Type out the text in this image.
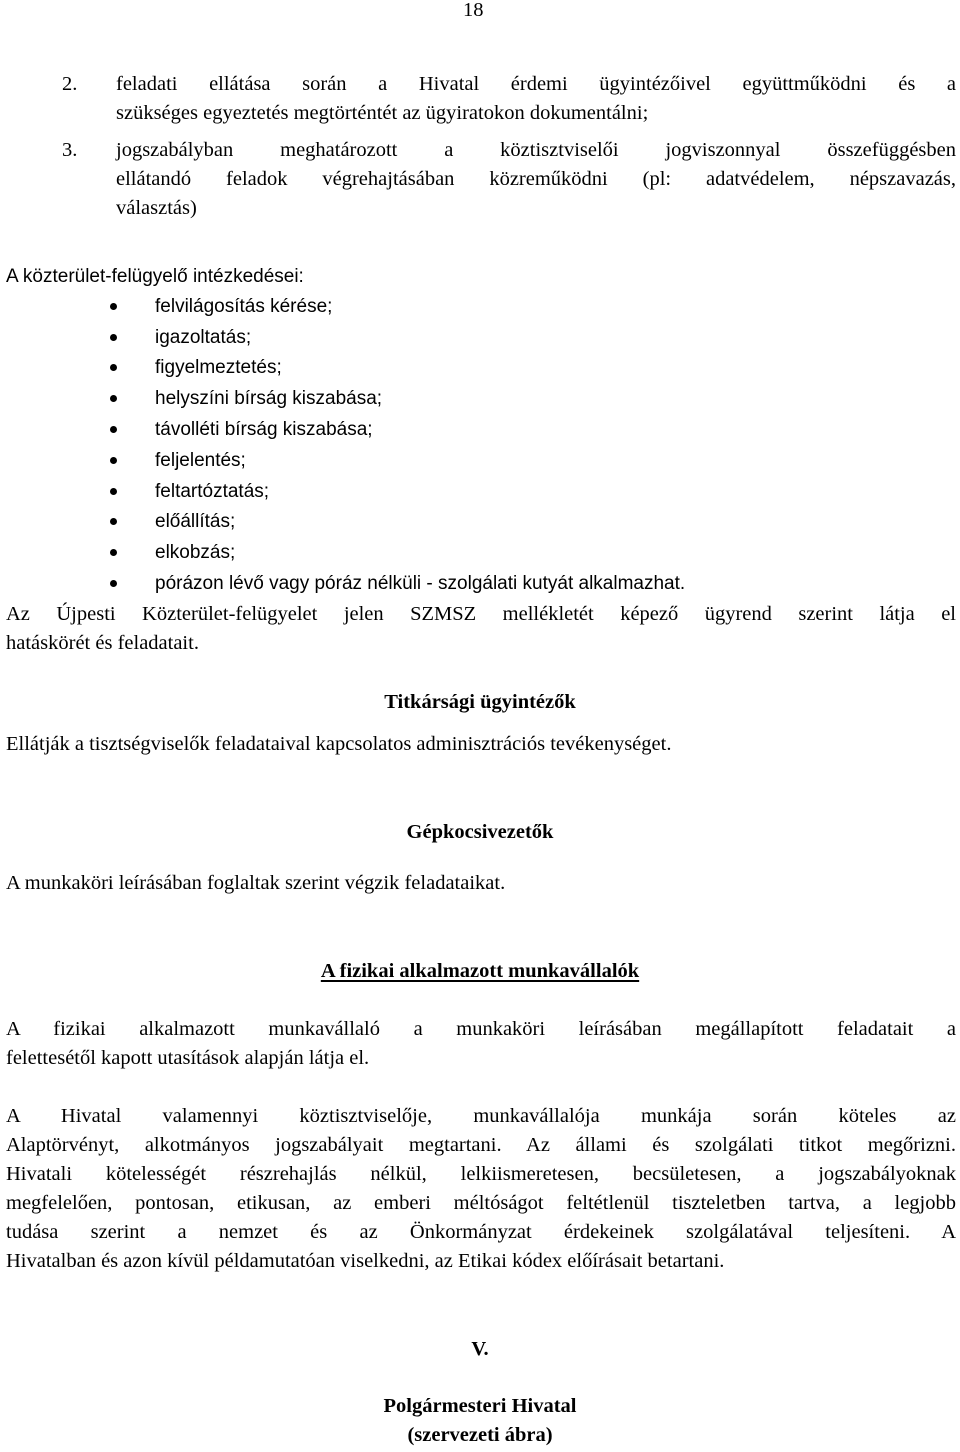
18
2. feladati ellátása során a Hivatal érdemi ügyintézőivel együttműködni és a
szükséges egyeztetés megtörténtét az ügyiratokon dokumentálni;
3. jogszabályban meghatározott a köztisztviselői jogviszonnyal összefüggésben
ellátandó feladok végrehajtásában közreműködni (pl: adatvédelem, népszavazás,
választás)
A közterület-felügyelő intézkedései:
felvilágosítás kérése;
igazoltatás;
figyelmeztetés;
helyszíni bírság kiszabása;
távolléti bírság kiszabása;
feljelentés;
feltartóztatás;
előállítás;
elkobzás;
pórázon lévő vagy póráz nélküli - szolgálati kutyát alkalmazhat.
Az Újpesti Közterület-felügyelet jelen SZMSZ mellékletét képező ügyrend szerint látja el
hatáskörét és feladatait.
Titkársági ügyintézők
Ellátják a tisztségviselők feladataival kapcsolatos adminisztrációs tevékenységet.
Gépkocsivezetők
A munkaköri leírásában foglaltak szerint végzik feladataikat.
A fizikai alkalmazott munkavállalók
A fizikai alkalmazott munkavállaló a munkaköri leírásában megállapított feladatait a
felettesétől kapott utasítások alapján látja el.
A Hivatal valamennyi köztisztviselője, munkavállalója munkája során köteles az
Alaptörvényt, alkotmányos jogszabályait megtartani. Az állami és szolgálati titkot megőrizni.
Hivatali kötelességét részrehajlás nélkül, lelkiismeretesen, becsületesen, a jogszabályoknak
megfelelően, pontosan, etikusan, az emberi méltóságot feltétlenül tiszteletben tartva, a legjobb
tudása szerint a nemzet és az Önkormányzat érdekeinek szolgálatával teljesíteni. A
Hivatalban és azon kívül példamutatóan viselkedni, az Etikai kódex előírásait betartani.
V.
Polgármesteri Hivatal
(szervezeti ábra)
